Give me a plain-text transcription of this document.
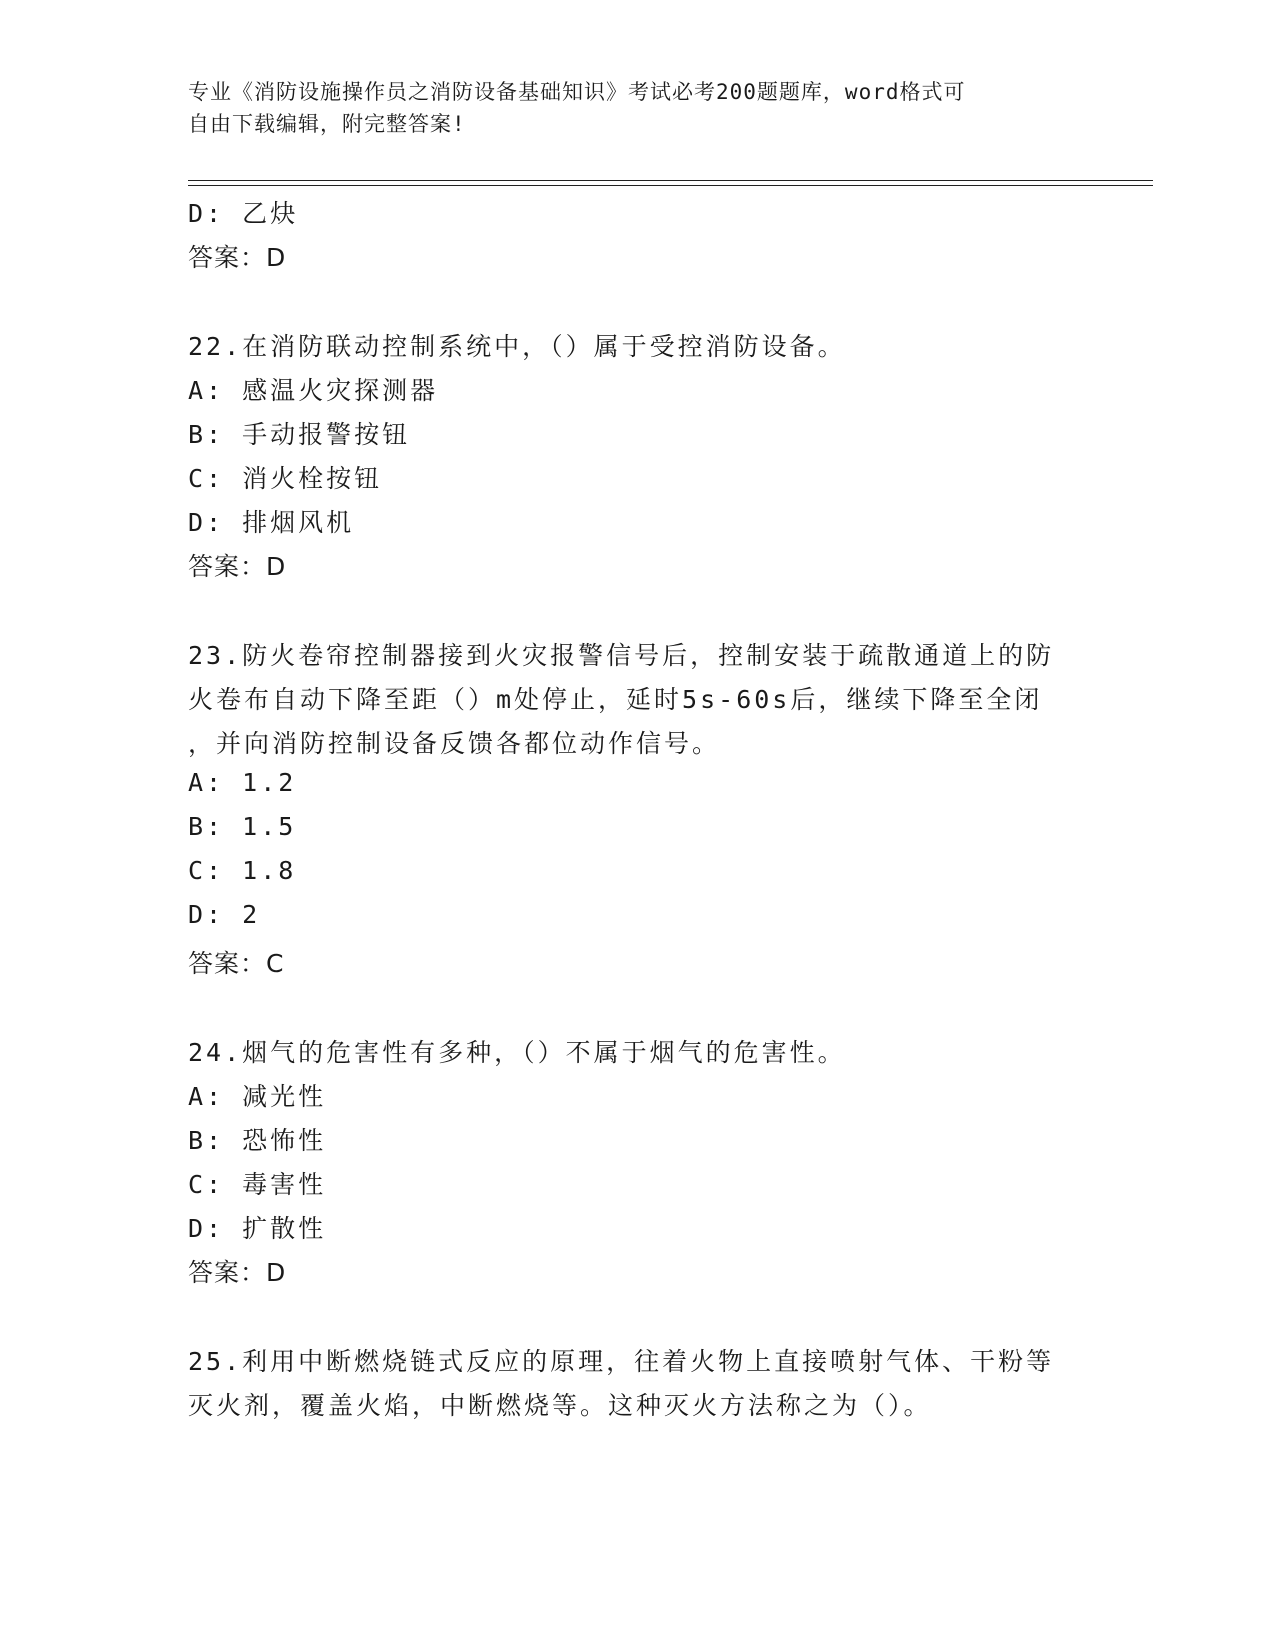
专业《消防设施操作员之消防设备基础知识》考试必考200题题库，word格式可
自由下载编辑，附完整答案!
D: 乙炔
答案：D
22.在消防联动控制系统中，（）属于受控消防设备。
A: 感温火灾探测器
B: 手动报警按钮
C: 消火栓按钮
D: 排烟风机
答案：D
23.防火卷帘控制器接到火灾报警信号后，控制安装于疏散通道上的防
火卷布自动下降至距（）m处停止，延时5s-60s后，继续下降至全闭
，并向消防控制设备反馈各都位动作信号。
A: 1.2
B: 1.5
C: 1.8
D: 2
答案：C
24.烟气的危害性有多种，（）不属于烟气的危害性。
A: 减光性
B: 恐怖性
C: 毒害性
D: 扩散性
答案：D
25.利用中断燃烧链式反应的原理，往着火物上直接喷射气体、干粉等
灭火剂，覆盖火焰，中断燃烧等。这种灭火方法称之为（）。
